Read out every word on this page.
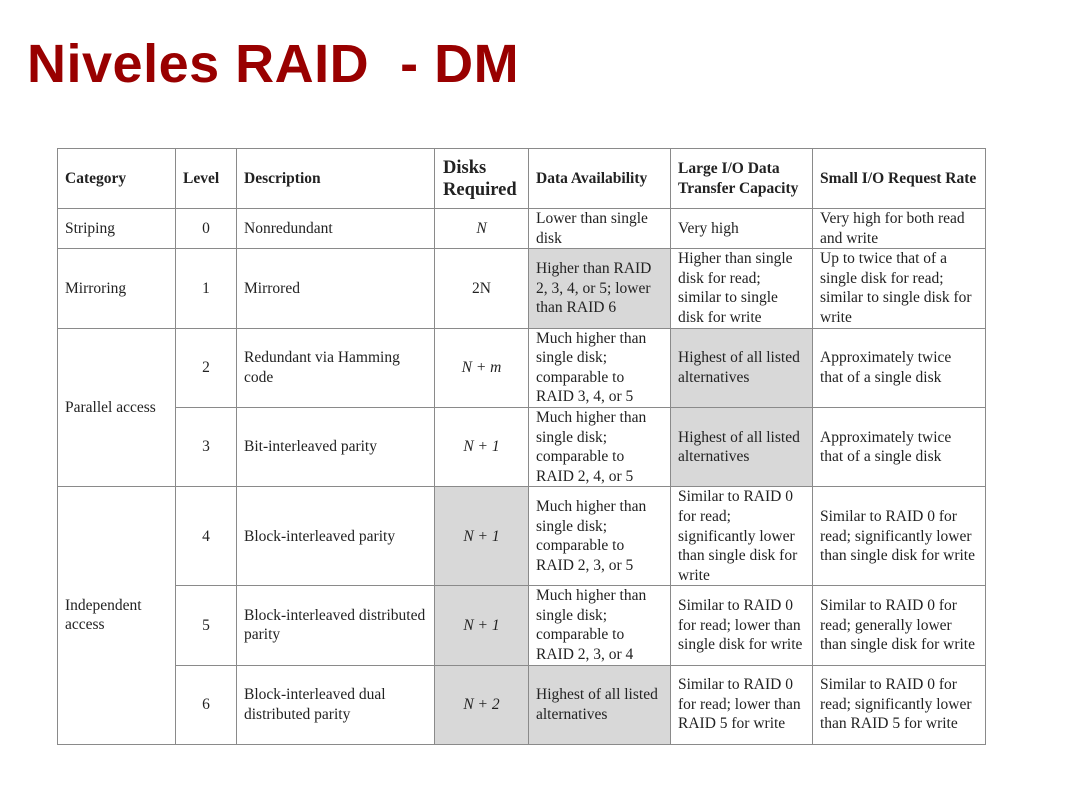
Niveles RAID  - DM
Category	Level	Description	Disks Required	Data Availability	Large I/O Data Transfer Capacity	Small I/O Request Rate
Striping	0	Nonredundant	N	Lower than single disk	Very high	Very high for both read and write
Mirroring	1	Mirrored	2N	Higher than RAID 2, 3, 4, or 5; lower than RAID 6	Higher than single disk for read; similar to single disk for write	Up to twice that of a single disk for read; similar to single disk for write
Parallel access	2	Redundant via Hamming code	N + m	Much higher than single disk; comparable to RAID 3, 4, or 5	Highest of all listed alternatives	Approximately twice that of a single disk
	3	Bit-interleaved parity	N + 1	Much higher than single disk; comparable to RAID 2, 4, or 5	Highest of all listed alternatives	Approximately twice that of a single disk
Independent access	4	Block-interleaved parity	N + 1	Much higher than single disk; comparable to RAID 2, 3, or 5	Similar to RAID 0 for read; significantly lower than single disk for write	Similar to RAID 0 for read; significantly lower than single disk for write
	5	Block-interleaved distributed parity	N + 1	Much higher than single disk; comparable to RAID 2, 3, or 4	Similar to RAID 0 for read; lower than single disk for write	Similar to RAID 0 for read; generally lower than single disk for write
	6	Block-interleaved dual distributed parity	N + 2	Highest of all listed alternatives	Similar to RAID 0 for read; lower than RAID 5 for write	Similar to RAID 0 for read; significantly lower than RAID 5 for write
